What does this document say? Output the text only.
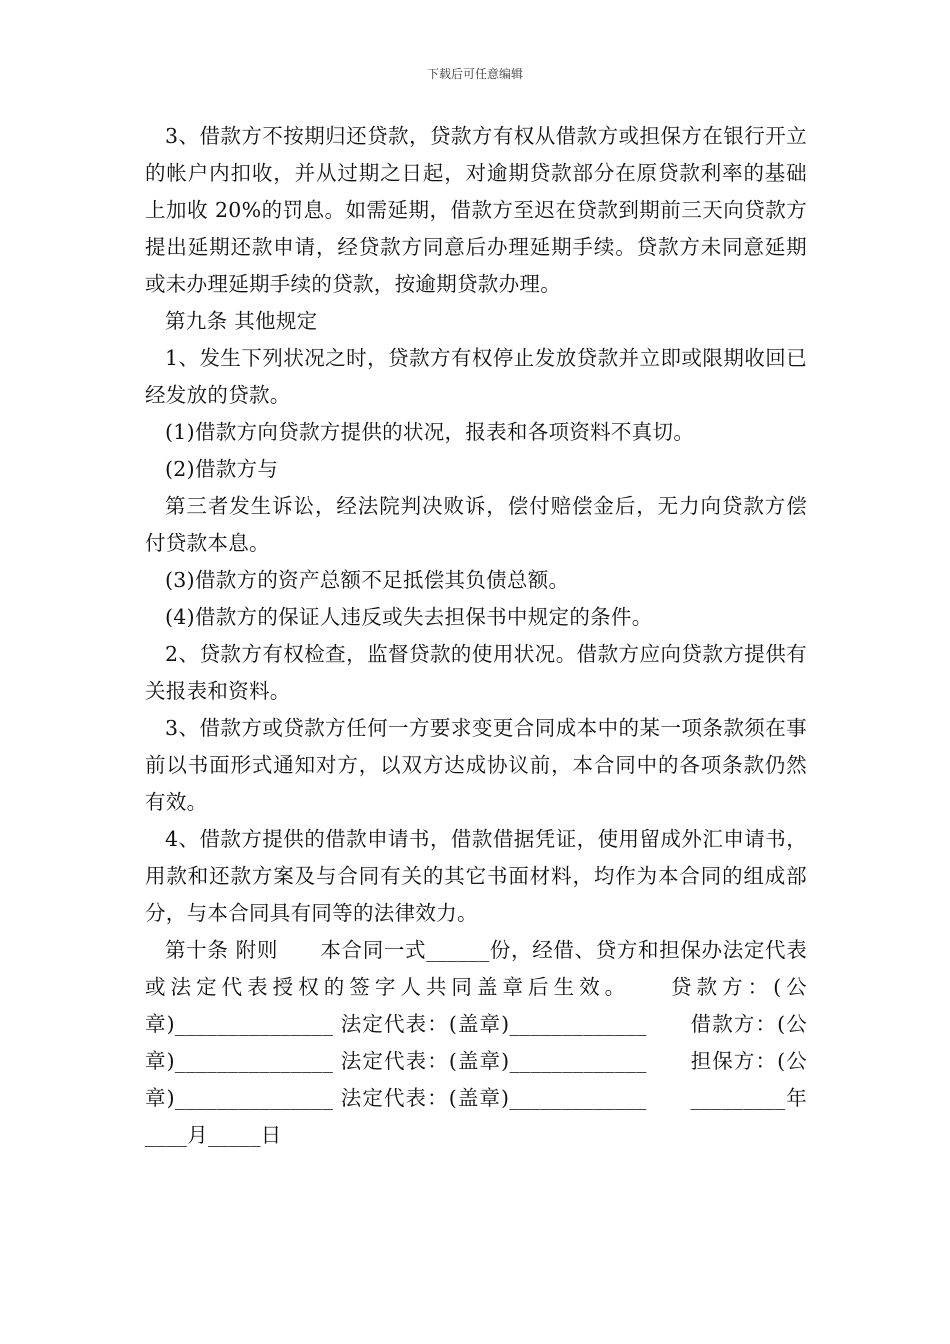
下载后可任意编辑

3、借款方不按期归还贷款，贷款方有权从借款方或担保方在银行开立的帐户内扣收，并从过期之日起，对逾期贷款部分在原贷款利率的基础上加收 20%的罚息。如需延期，借款方至迟在贷款到期前三天向贷款方提出延期还款申请，经贷款方同意后办理延期手续。贷款方未同意延期或未办理延期手续的贷款，按逾期贷款办理。

第九条 其他规定

1、发生下列状况之时，贷款方有权停止发放贷款并立即或限期收回已经发放的贷款。

(1)借款方向贷款方提供的状况，报表和各项资料不真切。

(2)借款方与

第三者发生诉讼，经法院判决败诉，偿付赔偿金后，无力向贷款方偿付贷款本息。

(3)借款方的资产总额不足抵偿其负债总额。

(4)借款方的保证人违反或失去担保书中规定的条件。

2、贷款方有权检查，监督贷款的使用状况。借款方应向贷款方提供有关报表和资料。

3、借款方或贷款方任何一方要求变更合同成本中的某一项条款须在事前以书面形式通知对方，以双方达成协议前，本合同中的各项条款仍然有效。

4、借款方提供的借款申请书，借款借据凭证，使用留成外汇申请书，用款和还款方案及与合同有关的其它书面材料，均作为本合同的组成部分，与本合同具有同等的法律效力。

第十条 附则　　本合同一式______份，经借、贷方和担保办法定代表或法定代表授权的签字人共同盖章后生效。　　贷款方：(公章)_______________ 法定代表：(盖章)_____________　　借款方：(公章)_______________ 法定代表：(盖章)_____________　　担保方：(公章)_______________ 法定代表：(盖章)_____________　　_________年____月_____日
